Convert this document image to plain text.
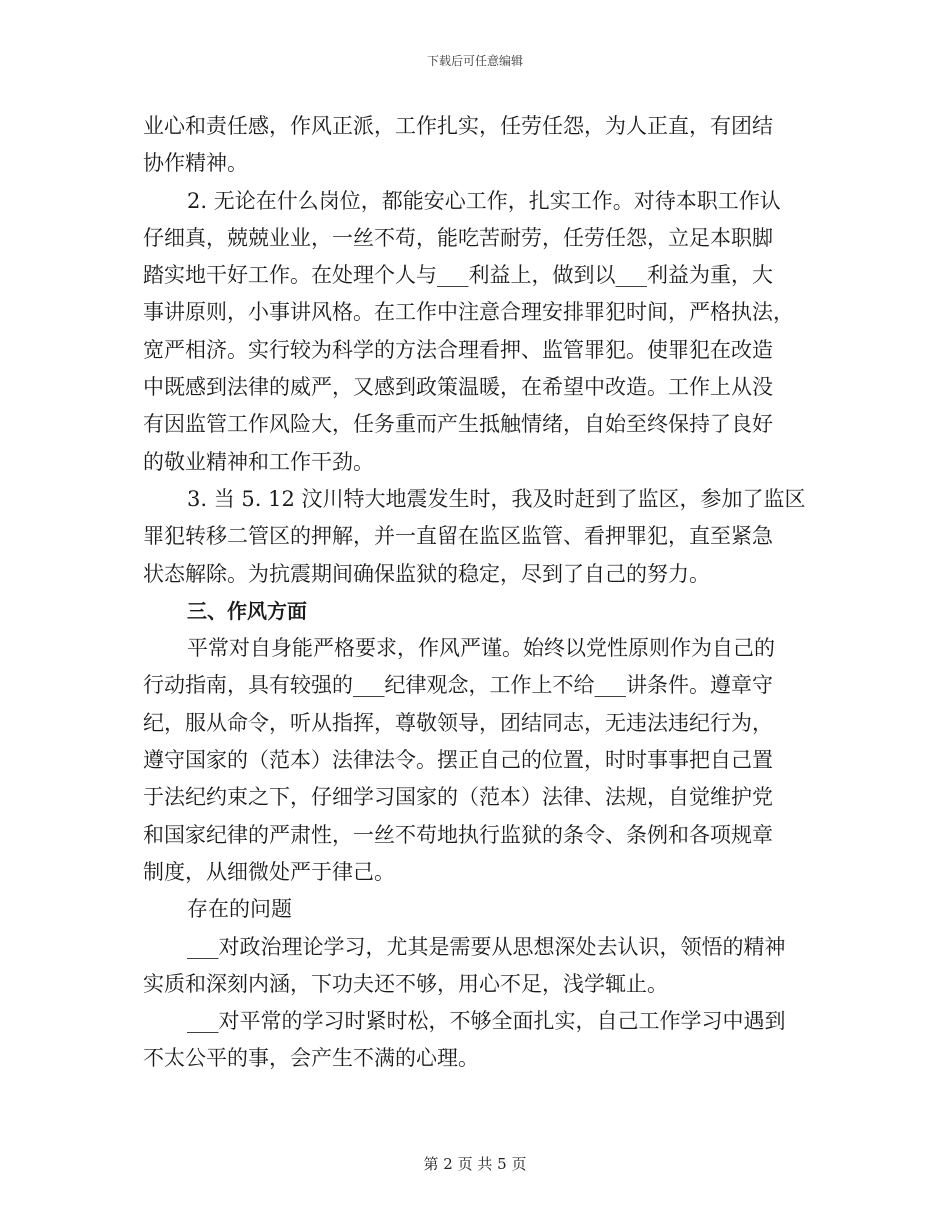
下载后可任意编辑
业心和责任感，作风正派，工作扎实，任劳任怨，为人正直，有团结
协作精神。
2. 无论在什么岗位，都能安心工作，扎实工作。对待本职工作认
仔细真，兢兢业业，一丝不苟，能吃苦耐劳，任劳任怨，立足本职脚
踏实地干好工作。在处理个人与___利益上，做到以___利益为重，大
事讲原则，小事讲风格。在工作中注意合理安排罪犯时间，严格执法，
宽严相济。实行较为科学的方法合理看押、监管罪犯。使罪犯在改造
中既感到法律的威严，又感到政策温暖，在希望中改造。工作上从没
有因监管工作风险大，任务重而产生抵触情绪，自始至终保持了良好
的敬业精神和工作干劲。
3. 当 5. 12 汶川特大地震发生时，我及时赶到了监区，参加了监区
罪犯转移二管区的押解，并一直留在监区监管、看押罪犯，直至紧急
状态解除。为抗震期间确保监狱的稳定，尽到了自己的努力。
三、作风方面
平常对自身能严格要求，作风严谨。始终以党性原则作为自己的
行动指南，具有较强的___纪律观念，工作上不给___讲条件。遵章守
纪，服从命令，听从指挥，尊敬领导，团结同志，无违法违纪行为，
遵守国家的（范本）法律法令。摆正自己的位置，时时事事把自己置
于法纪约束之下，仔细学习国家的（范本）法律、法规，自觉维护党
和国家纪律的严肃性，一丝不苟地执行监狱的条令、条例和各项规章
制度，从细微处严于律己。
存在的问题
___对政治理论学习，尤其是需要从思想深处去认识，领悟的精神
实质和深刻内涵，下功夫还不够，用心不足，浅学辄止。
___对平常的学习时紧时松，不够全面扎实，自己工作学习中遇到
不太公平的事，会产生不满的心理。
第 2 页 共 5 页
